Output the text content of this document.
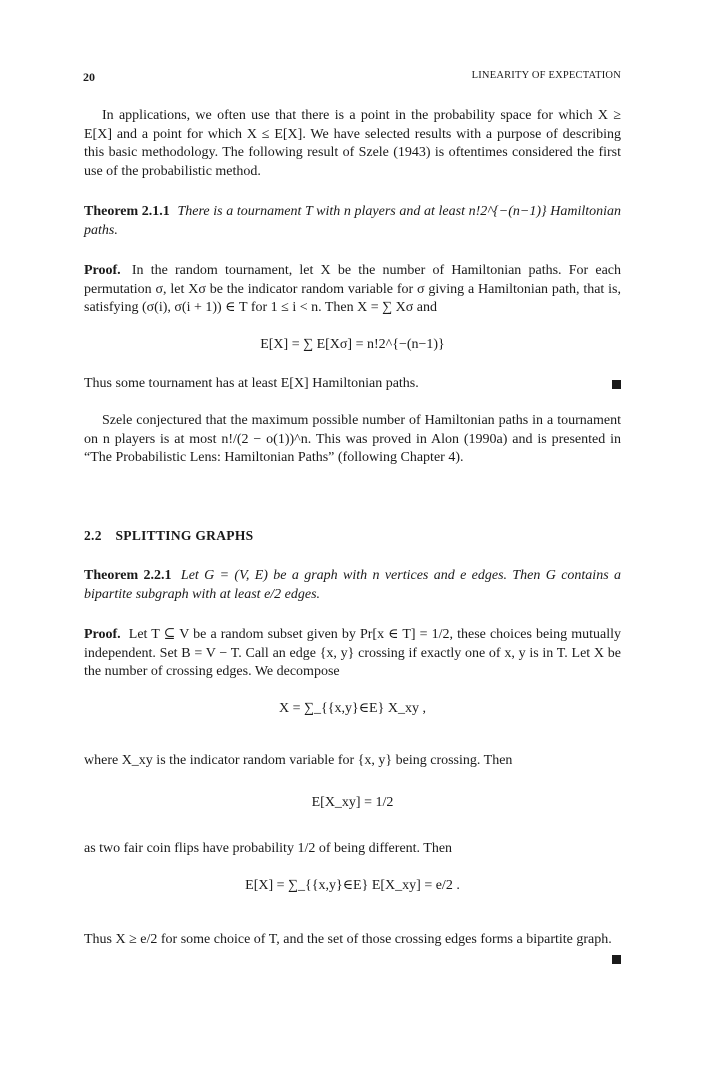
20	LINEARITY OF EXPECTATION

In applications, we often use that there is a point in the probability space for which X ≥ E[X] and a point for which X ≤ E[X]. We have selected results with a purpose of describing this basic methodology. The following result of Szele (1943) is oftentimes considered the first use of the probabilistic method.

Theorem 2.1.1 There is a tournament T with n players and at least n!2^{−(n−1)} Hamiltonian paths.

Proof. In the random tournament, let X be the number of Hamiltonian paths. For each permutation σ, let Xσ be the indicator random variable for σ giving a Hamiltonian path, that is, satisfying (σ(i), σ(i + 1)) ∈ T for 1 ≤ i < n. Then X = ∑ Xσ and

E[X] = ∑ E[Xσ] = n!2^{−(n−1)}

Thus some tournament has at least E[X] Hamiltonian paths.

Szele conjectured that the maximum possible number of Hamiltonian paths in a tournament on n players is at most n!/(2 − o(1))^n. This was proved in Alon (1990a) and is presented in “The Probabilistic Lens: Hamiltonian Paths” (following Chapter 4).

2.2 SPLITTING GRAPHS

Theorem 2.2.1 Let G = (V, E) be a graph with n vertices and e edges. Then G contains a bipartite subgraph with at least e/2 edges.

Proof. Let T ⊆ V be a random subset given by Pr[x ∈ T] = 1/2, these choices being mutually independent. Set B = V − T. Call an edge {x, y} crossing if exactly one of x, y is in T. Let X be the number of crossing edges. We decompose

X = ∑_{{x,y}∈E} X_xy ,

where X_xy is the indicator random variable for {x, y} being crossing. Then

E[X_xy] = 1/2

as two fair coin flips have probability 1/2 of being different. Then

E[X] = ∑_{{x,y}∈E} E[X_xy] = e/2 .

Thus X ≥ e/2 for some choice of T, and the set of those crossing edges forms a bipartite graph.
